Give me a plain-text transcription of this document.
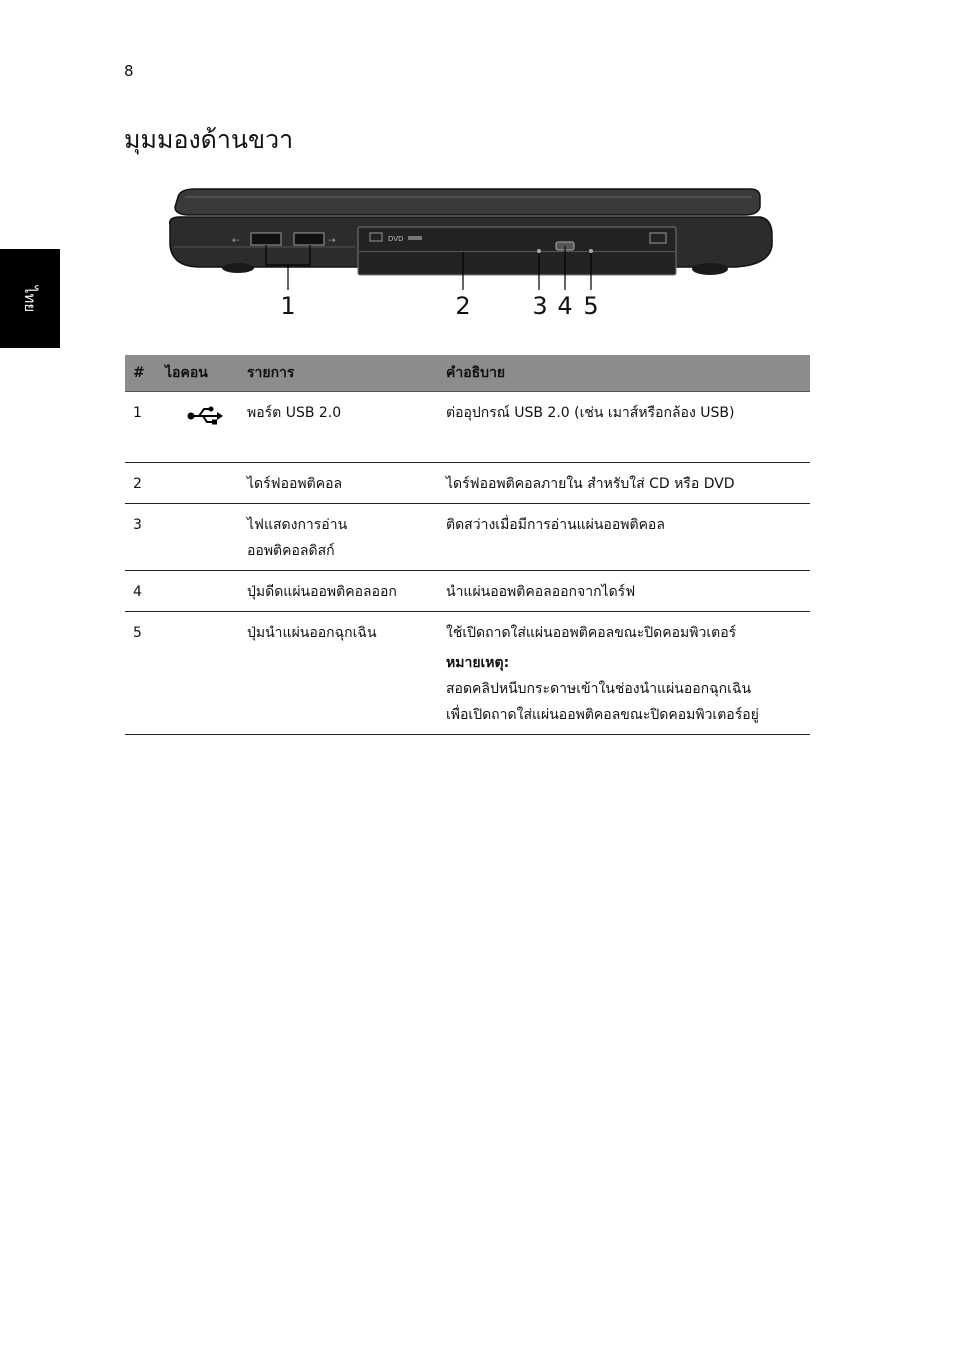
8
ไทย
มุมมองด้านขวา
⇠	⇢	DVD
1	2	3 4 5
#	ไอคอน	รายการ	คำอธิบาย
1		พอร์ต USB 2.0	ต่ออุปกรณ์ USB 2.0 (เช่น เมาส์หรือกล้อง USB)
2		ไดร์ฟออพติคอล	ไดร์ฟออพติคอลภายใน สำหรับใส่ CD หรือ DVD
3		ไฟแสดงการอ่าน
ออพติคอลดิสก์	ติดสว่างเมื่อมีการอ่านแผ่นออพติคอล
4		ปุ่มดีดแผ่นออพติคอลออก	นำแผ่นออพติคอลออกจากไดร์ฟ
5		ปุ่มนำแผ่นออกฉุกเฉิน	ใช้เปิดถาดใส่แผ่นออพติคอลขณะปิดคอมพิวเตอร์
หมายเหตุ:
สอดคลิปหนีบกระดาษเข้าในช่องนำแผ่นออกฉุกเฉิน
เพื่อเปิดถาดใส่แผ่นออพติคอลขณะปิดคอมพิวเตอร์อยู่
